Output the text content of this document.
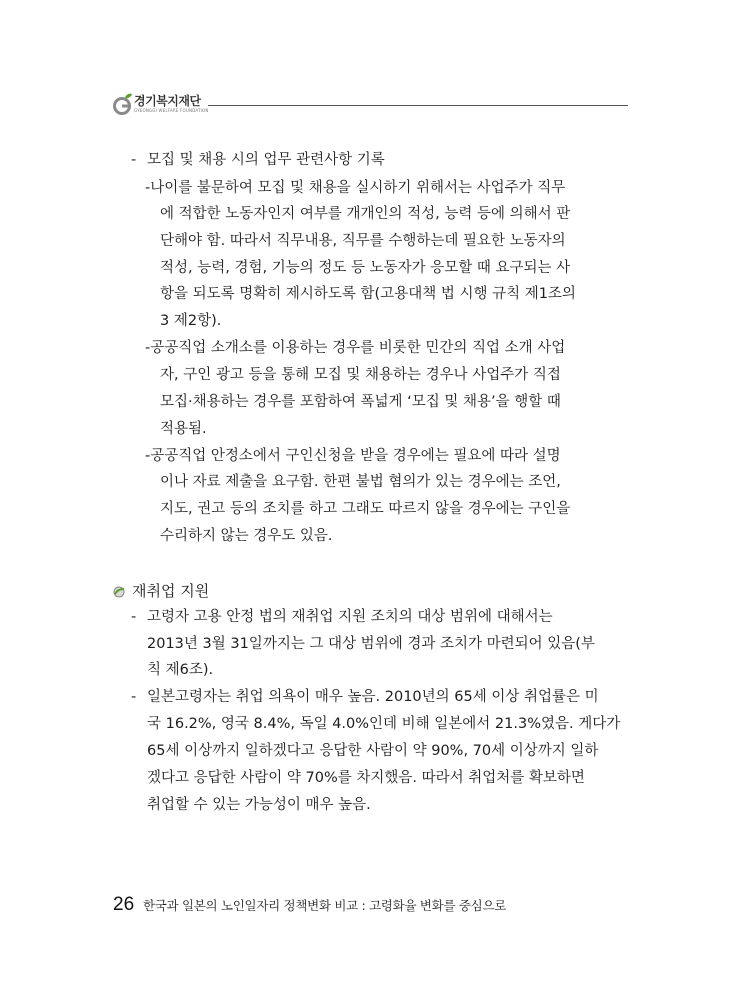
경기복지재단
GYEONGGI WELFARE FOUNDATION
- 모집 및 채용 시의 업무 관련사항 기록
-나이를 불문하여 모집 및 채용을 실시하기 위해서는 사업주가 직무
에 적합한 노동자인지 여부를 개개인의 적성, 능력 등에 의해서 판
단해야 함. 따라서 직무내용, 직무를 수행하는데 필요한 노동자의
적성, 능력, 경험, 기능의 정도 등 노동자가 응모할 때 요구되는 사
항을 되도록 명확히 제시하도록 함(고용대책 법 시행 규칙 제1조의
3 제2항).
-공공직업 소개소를 이용하는 경우를 비롯한 민간의 직업 소개 사업
자, 구인 광고 등을 통해 모집 및 채용하는 경우나 사업주가 직접
모집·채용하는 경우를 포함하여 폭넓게 ‘모집 및 채용’을 행할 때
적용됨.
-공공직업 안정소에서 구인신청을 받을 경우에는 필요에 따라 설명
이나 자료 제출을 요구함. 한편 불법 혐의가 있는 경우에는 조언,
지도, 권고 등의 조치를 하고 그래도 따르지 않을 경우에는 구인을
수리하지 않는 경우도 있음.
재취업 지원
- 고령자 고용 안정 법의 재취업 지원 조치의 대상 범위에 대해서는
2013년 3월 31일까지는 그 대상 범위에 경과 조치가 마련되어 있음(부
칙 제6조).
- 일본고령자는 취업 의욕이 매우 높음. 2010년의 65세 이상 취업률은 미
국 16.2%, 영국 8.4%, 독일 4.0%인데 비해 일본에서 21.3%였음. 게다가
65세 이상까지 일하겠다고 응답한 사람이 약 90%, 70세 이상까지 일하
겠다고 응답한 사람이 약 70%를 차지했음. 따라서 취업처를 확보하면
취업할 수 있는 가능성이 매우 높음.
26 한국과 일본의 노인일자리 정책변화 비교 : 고령화율 변화를 중심으로
